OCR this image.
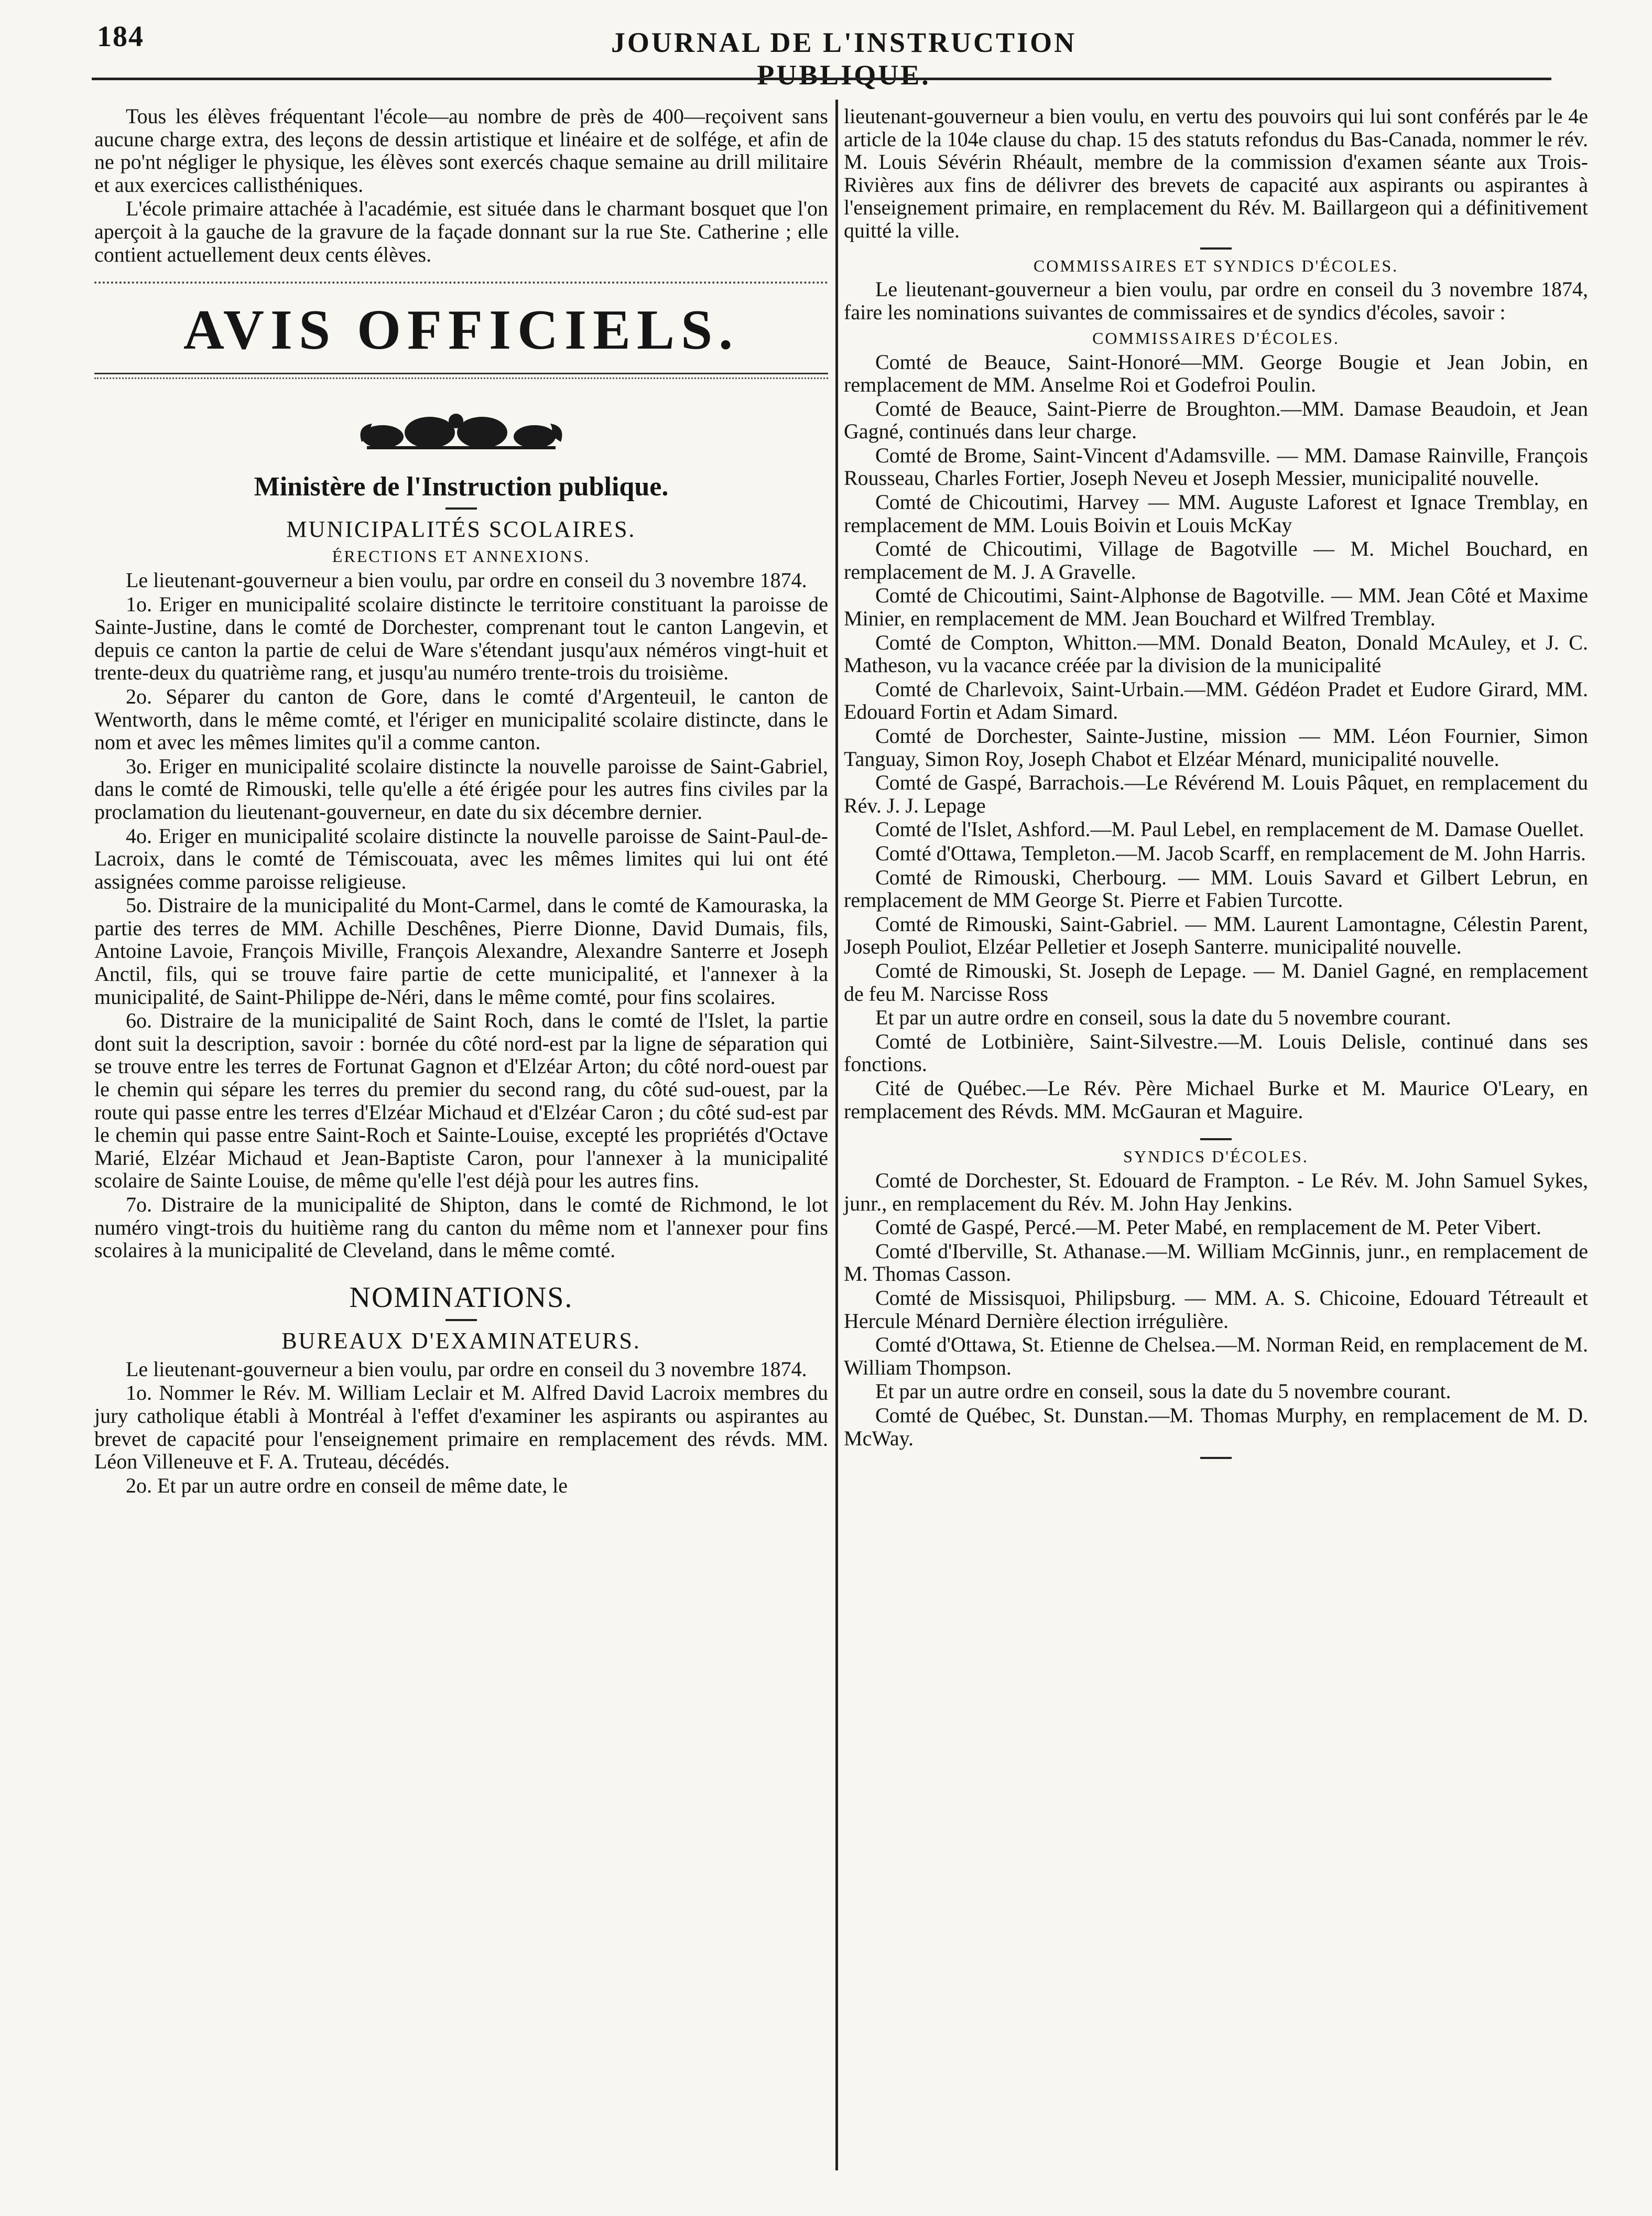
184	JOURNAL DE L'INSTRUCTION PUBLIQUE.

Tous les élèves fréquentant l'école—au nombre de près de 400—reçoivent sans aucune charge extra, des leçons de dessin artistique et linéaire et de solfége, et afin de ne po'nt négliger le physique, les élèves sont exercés chaque semaine au drill militaire et aux exercices callisthéniques.

L'école primaire attachée à l'académie, est située dans le charmant bosquet que l'on aperçoit à la gauche de la gravure de la façade donnant sur la rue Ste. Catherine ; elle contient actuellement deux cents élèves.

AVIS OFFICIELS.
Ministère de l'Instruction publique.
MUNICIPALITÉS SCOLAIRES.
ÉRECTIONS ET ANNEXIONS.

Le lieutenant-gouverneur a bien voulu, par ordre en conseil du 3 novembre 1874.

1o. Eriger en municipalité scolaire distincte le territoire constituant la paroisse de Sainte-Justine, dans le comté de Dorchester, comprenant tout le canton Langevin, et depuis ce canton la partie de celui de Ware s'étendant jusqu'aux néméros vingt-huit et trente-deux du quatrième rang, et jusqu'au numéro trente-trois du troisième.

2o. Séparer du canton de Gore, dans le comté d'Argenteuil, le canton de Wentworth, dans le même comté, et l'ériger en municipalité scolaire distincte, dans le nom et avec les mêmes limites qu'il a comme canton.

3o. Eriger en municipalité scolaire distincte la nouvelle paroisse de Saint-Gabriel, dans le comté de Rimouski, telle qu'elle a été érigée pour les autres fins civiles par la proclamation du lieutenant-gouverneur, en date du six décembre dernier.

4o. Eriger en municipalité scolaire distincte la nouvelle paroisse de Saint-Paul-de-Lacroix, dans le comté de Témiscouata, avec les mêmes limites qui lui ont été assignées comme paroisse religieuse.

5o. Distraire de la municipalité du Mont-Carmel, dans le comté de Kamouraska, la partie des terres de MM. Achille Deschênes, Pierre Dionne, David Dumais, fils, Antoine Lavoie, François Miville, François Alexandre, Alexandre Santerre et Joseph Anctil, fils, qui se trouve faire partie de cette municipalité, et l'annexer à la municipalité, de Saint-Philippe de-Néri, dans le même comté, pour fins scolaires.

6o. Distraire de la municipalité de Saint Roch, dans le comté de l'Islet, la partie dont suit la description, savoir : bornée du côté nord-est par la ligne de séparation qui se trouve entre les terres de Fortunat Gagnon et d'Elzéar Arton; du côté nord-ouest par le chemin qui sépare les terres du premier du second rang, du côté sud-ouest, par la route qui passe entre les terres d'Elzéar Michaud et d'Elzéar Caron ; du côté sud-est par le chemin qui passe entre Saint-Roch et Sainte-Louise, excepté les propriétés d'Octave Marié, Elzéar Michaud et Jean-Baptiste Caron, pour l'annexer à la municipalité scolaire de Sainte Louise, de même qu'elle l'est déjà pour les autres fins.

7o. Distraire de la municipalité de Shipton, dans le comté de Richmond, le lot numéro vingt-trois du huitième rang du canton du même nom et l'annexer pour fins scolaires à la municipalité de Cleveland, dans le même comté.

NOMINATIONS.
BUREAUX D'EXAMINATEURS.

Le lieutenant-gouverneur a bien voulu, par ordre en conseil du 3 novembre 1874.

1o. Nommer le Rév. M. William Leclair et M. Alfred David Lacroix membres du jury catholique établi à Montréal à l'effet d'examiner les aspirants ou aspirantes au brevet de capacité pour l'enseignement primaire en remplacement des révds. MM. Léon Villeneuve et F. A. Truteau, décédés.

2o. Et par un autre ordre en conseil de même date, le

lieutenant-gouverneur a bien voulu, en vertu des pouvoirs qui lui sont conférés par le 4e article de la 104e clause du chap. 15 des statuts refondus du Bas-Canada, nommer le rév. M. Louis Sévérin Rhéault, membre de la commission d'examen séante aux Trois-Rivières aux fins de délivrer des brevets de capacité aux aspirants ou aspirantes à l'enseignement primaire, en remplacement du Rév. M. Baillargeon qui a définitivement quitté la ville.

COMMISSAIRES ET SYNDICS D'ÉCOLES.

Le lieutenant-gouverneur a bien voulu, par ordre en conseil du 3 novembre 1874, faire les nominations suivantes de commissaires et de syndics d'écoles, savoir :

COMMISSAIRES D'ÉCOLES.

Comté de Beauce, Saint-Honoré—MM. George Bougie et Jean Jobin, en remplacement de MM. Anselme Roi et Godefroi Poulin.

Comté de Beauce, Saint-Pierre de Broughton.—MM. Damase Beaudoin, et Jean Gagné, continués dans leur charge.

Comté de Brome, Saint-Vincent d'Adamsville. — MM. Damase Rainville, François Rousseau, Charles Fortier, Joseph Neveu et Joseph Messier, municipalité nouvelle.

Comté de Chicoutimi, Harvey — MM. Auguste Laforest et Ignace Tremblay, en remplacement de MM. Louis Boivin et Louis McKay

Comté de Chicoutimi, Village de Bagotville — M. Michel Bouchard, en remplacement de M. J. A Gravelle.

Comté de Chicoutimi, Saint-Alphonse de Bagotville. — MM. Jean Côté et Maxime Minier, en remplacement de MM. Jean Bouchard et Wilfred Tremblay.

Comté de Compton, Whitton.—MM. Donald Beaton, Donald McAuley, et J. C. Matheson, vu la vacance créée par la division de la municipalité

Comté de Charlevoix, Saint-Urbain.—MM. Gédéon Pradet et Eudore Girard, MM. Edouard Fortin et Adam Simard.

Comté de Dorchester, Sainte-Justine, mission — MM. Léon Fournier, Simon Tanguay, Simon Roy, Joseph Chabot et Elzéar Ménard, municipalité nouvelle.

Comté de Gaspé, Barrachois.—Le Révérend M. Louis Pâquet, en remplacement du Rév. J. J. Lepage

Comté de l'Islet, Ashford.—M. Paul Lebel, en remplacement de M. Damase Ouellet.

Comté d'Ottawa, Templeton.—M. Jacob Scarff, en remplacement de M. John Harris.

Comté de Rimouski, Cherbourg. — MM. Louis Savard et Gilbert Lebrun, en remplacement de MM George St. Pierre et Fabien Turcotte.

Comté de Rimouski, Saint-Gabriel. — MM. Laurent Lamontagne, Célestin Parent, Joseph Pouliot, Elzéar Pelletier et Joseph Santerre. municipalité nouvelle.

Comté de Rimouski, St. Joseph de Lepage. — M. Daniel Gagné, en remplacement de feu M. Narcisse Ross

Et par un autre ordre en conseil, sous la date du 5 novembre courant.

Comté de Lotbinière, Saint-Silvestre.—M. Louis Delisle, continué dans ses fonctions.

Cité de Québec.—Le Rév. Père Michael Burke et M. Maurice O'Leary, en remplacement des Révds. MM. McGauran et Maguire.

SYNDICS D'ÉCOLES.

Comté de Dorchester, St. Edouard de Frampton. - Le Rév. M. John Samuel Sykes, junr., en remplacement du Rév. M. John Hay Jenkins.

Comté de Gaspé, Percé.—M. Peter Mabé, en remplacement de M. Peter Vibert.

Comté d'Iberville, St. Athanase.—M. William McGinnis, junr., en remplacement de M. Thomas Casson.

Comté de Missisquoi, Philipsburg. — MM. A. S. Chicoine, Edouard Tétreault et Hercule Ménard Dernière élection irrégulière.

Comté d'Ottawa, St. Etienne de Chelsea.—M. Norman Reid, en remplacement de M. William Thompson.

Et par un autre ordre en conseil, sous la date du 5 novembre courant.

Comté de Québec, St. Dunstan.—M. Thomas Murphy, en remplacement de M. D. McWay.
